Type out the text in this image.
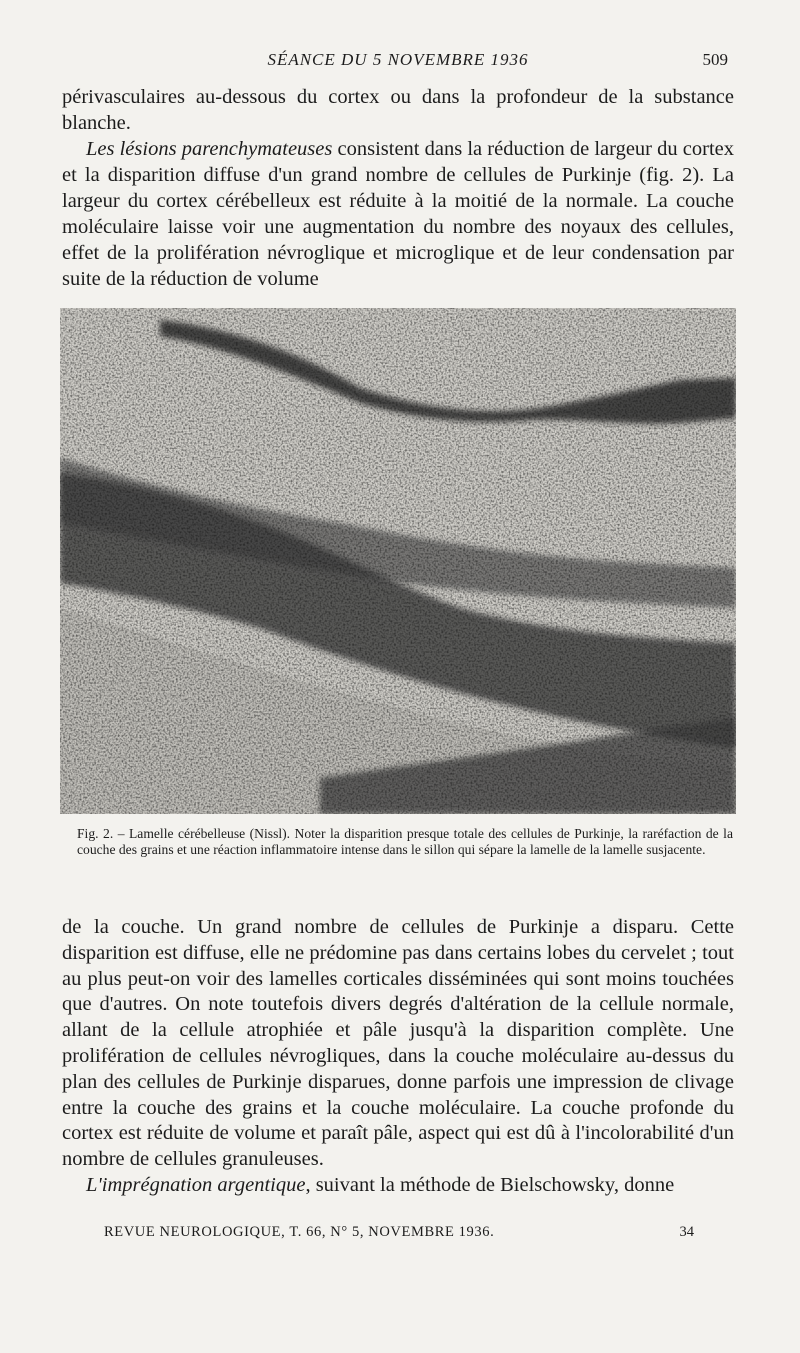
SÉANCE DU 5 NOVEMBRE 1936	509

périvasculaires au-dessous du cortex ou dans la profondeur de la substance blanche.

Les lésions parenchymateuses consistent dans la réduction de largeur du cortex et la disparition diffuse d'un grand nombre de cellules de Purkinje (fig. 2). La largeur du cortex cérébelleux est réduite à la moitié de la normale. La couche moléculaire laisse voir une augmentation du nombre des noyaux des cellules, effet de la prolifération névroglique et microglique et de leur condensation par suite de la réduction de volume

Fig. 2. – Lamelle cérébelleuse (Nissl). Noter la disparition presque totale des cellules de Purkinje, la raréfaction de la couche des grains et une réaction inflammatoire intense dans le sillon qui sépare la lamelle de la lamelle susjacente.

de la couche. Un grand nombre de cellules de Purkinje a disparu. Cette disparition est diffuse, elle ne prédomine pas dans certains lobes du cervelet ; tout au plus peut-on voir des lamelles corticales disséminées qui sont moins touchées que d'autres. On note toutefois divers degrés d'altération de la cellule normale, allant de la cellule atrophiée et pâle jusqu'à la disparition complète. Une prolifération de cellules névrogliques, dans la couche moléculaire au-dessus du plan des cellules de Purkinje disparues, donne parfois une impression de clivage entre la couche des grains et la couche moléculaire. La couche profonde du cortex est réduite de volume et paraît pâle, aspect qui est dû à l'incolorabilité d'un nombre de cellules granuleuses.

L'imprégnation argentique, suivant la méthode de Bielschowsky, donne

REVUE NEUROLOGIQUE, T. 66, N° 5, NOVEMBRE 1936.	34
